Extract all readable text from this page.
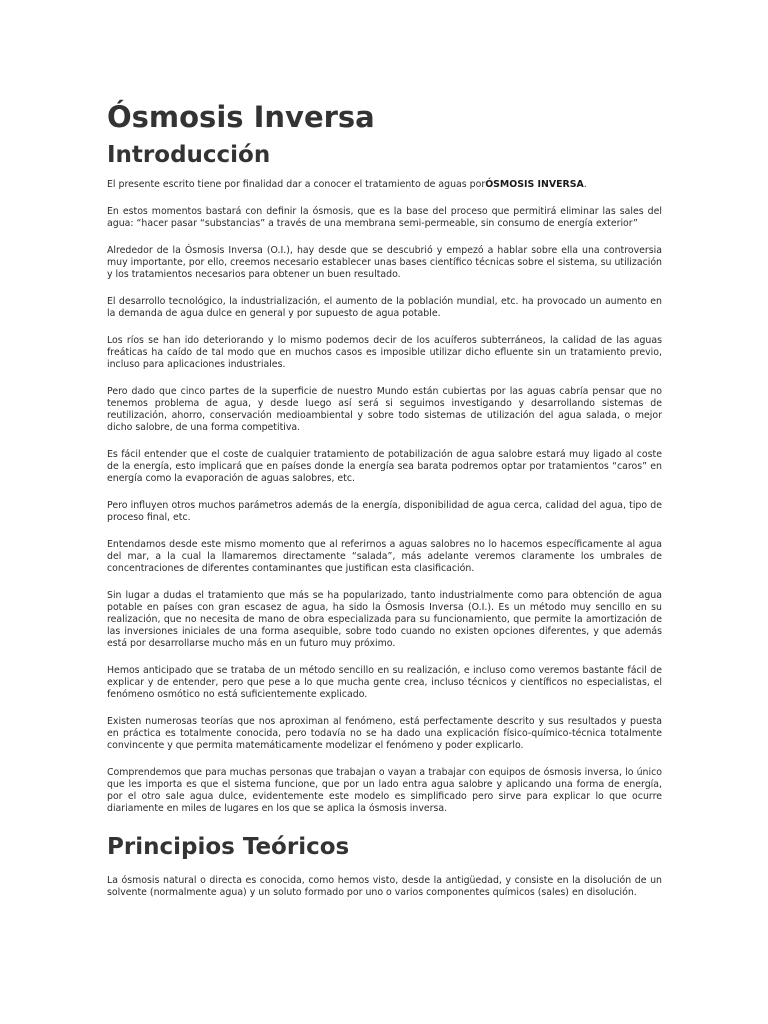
Ósmosis Inversa
Introducción

El presente escrito tiene por finalidad dar a conocer el tratamiento de aguas porÓSMOSIS INVERSA.

En estos momentos bastará con definir la ósmosis, que es la base del proceso que permitirá eliminar las sales del agua: “hacer pasar “substancias” a través de una membrana semi-permeable, sin consumo de energía exterior”

Alrededor de la Ósmosis Inversa (O.I.), hay desde que se descubrió y empezó a hablar sobre ella una controversia muy importante, por ello, creemos necesario establecer unas bases científico técnicas sobre el sistema, su utilización y los tratamientos necesarios para obtener un buen resultado.

El desarrollo tecnológico, la industrialización, el aumento de la población mundial, etc. ha provocado un aumento en la demanda de agua dulce en general y por supuesto de agua potable.

Los ríos se han ido deteriorando y lo mismo podemos decir de los acuíferos subterráneos, la calidad de las aguas freáticas ha caído de tal modo que en muchos casos es imposible utilizar dicho efluente sin un tratamiento previo, incluso para aplicaciones industriales.

Pero dado que cinco partes de la superficie de nuestro Mundo están cubiertas por las aguas cabría pensar que no tenemos problema de agua, y desde luego así será si seguimos investigando y desarrollando sistemas de reutilización, ahorro, conservación medioambiental y sobre todo sistemas de utilización del agua salada, o mejor dicho salobre, de una forma competitiva.

Es fácil entender que el coste de cualquier tratamiento de potabilización de agua salobre estará muy ligado al coste de la energía, esto implicará que en países donde la energía sea barata podremos optar por tratamientos “caros” en energía como la evaporación de aguas salobres, etc.

Pero influyen otros muchos parámetros además de la energía, disponibilidad de agua cerca, calidad del agua, tipo de proceso final, etc.

Entendamos desde este mismo momento que al referirnos a aguas salobres no lo hacemos específicamente al agua del mar, a la cual la llamaremos directamente “salada”, más adelante veremos claramente los umbrales de concentraciones de diferentes contaminantes que justifican esta clasificación.

Sin lugar a dudas el tratamiento que más se ha popularizado, tanto industrialmente como para obtención de agua potable en países con gran escasez de agua, ha sido la Ósmosis Inversa (O.I.). Es un método muy sencillo en su realización, que no necesita de mano de obra especializada para su funcionamiento, que permite la amortización de las inversiones iniciales de una forma asequible, sobre todo cuando no existen opciones diferentes, y que además está por desarrollarse mucho más en un futuro muy próximo.

Hemos anticipado que se trataba de un método sencillo en su realización, e incluso como veremos bastante fácil de explicar y de entender, pero que pese a lo que mucha gente crea, incluso técnicos y científicos no especialistas, el fenómeno osmótico no está suficientemente explicado.

Existen numerosas teorías que nos aproximan al fenómeno, está perfectamente descrito y sus resultados y puesta en práctica es totalmente conocida, pero todavía no se ha dado una explicación físico-químico-técnica totalmente convincente y que permita matemáticamente modelizar el fenómeno y poder explicarlo.

Comprendemos que para muchas personas que trabajan o vayan a trabajar con equipos de ósmosis inversa, lo único que les importa es que el sistema funcione, que por un lado entra agua salobre y aplicando una forma de energía, por el otro sale agua dulce, evidentemente este modelo es simplificado pero sirve para explicar lo que ocurre diariamente en miles de lugares en los que se aplica la ósmosis inversa.

Principios Teóricos

La ósmosis natural o directa es conocida, como hemos visto, desde la antigüedad, y consiste en la disolución de un solvente (normalmente agua) y un soluto formado por uno o varios componentes químicos (sales) en disolución.
